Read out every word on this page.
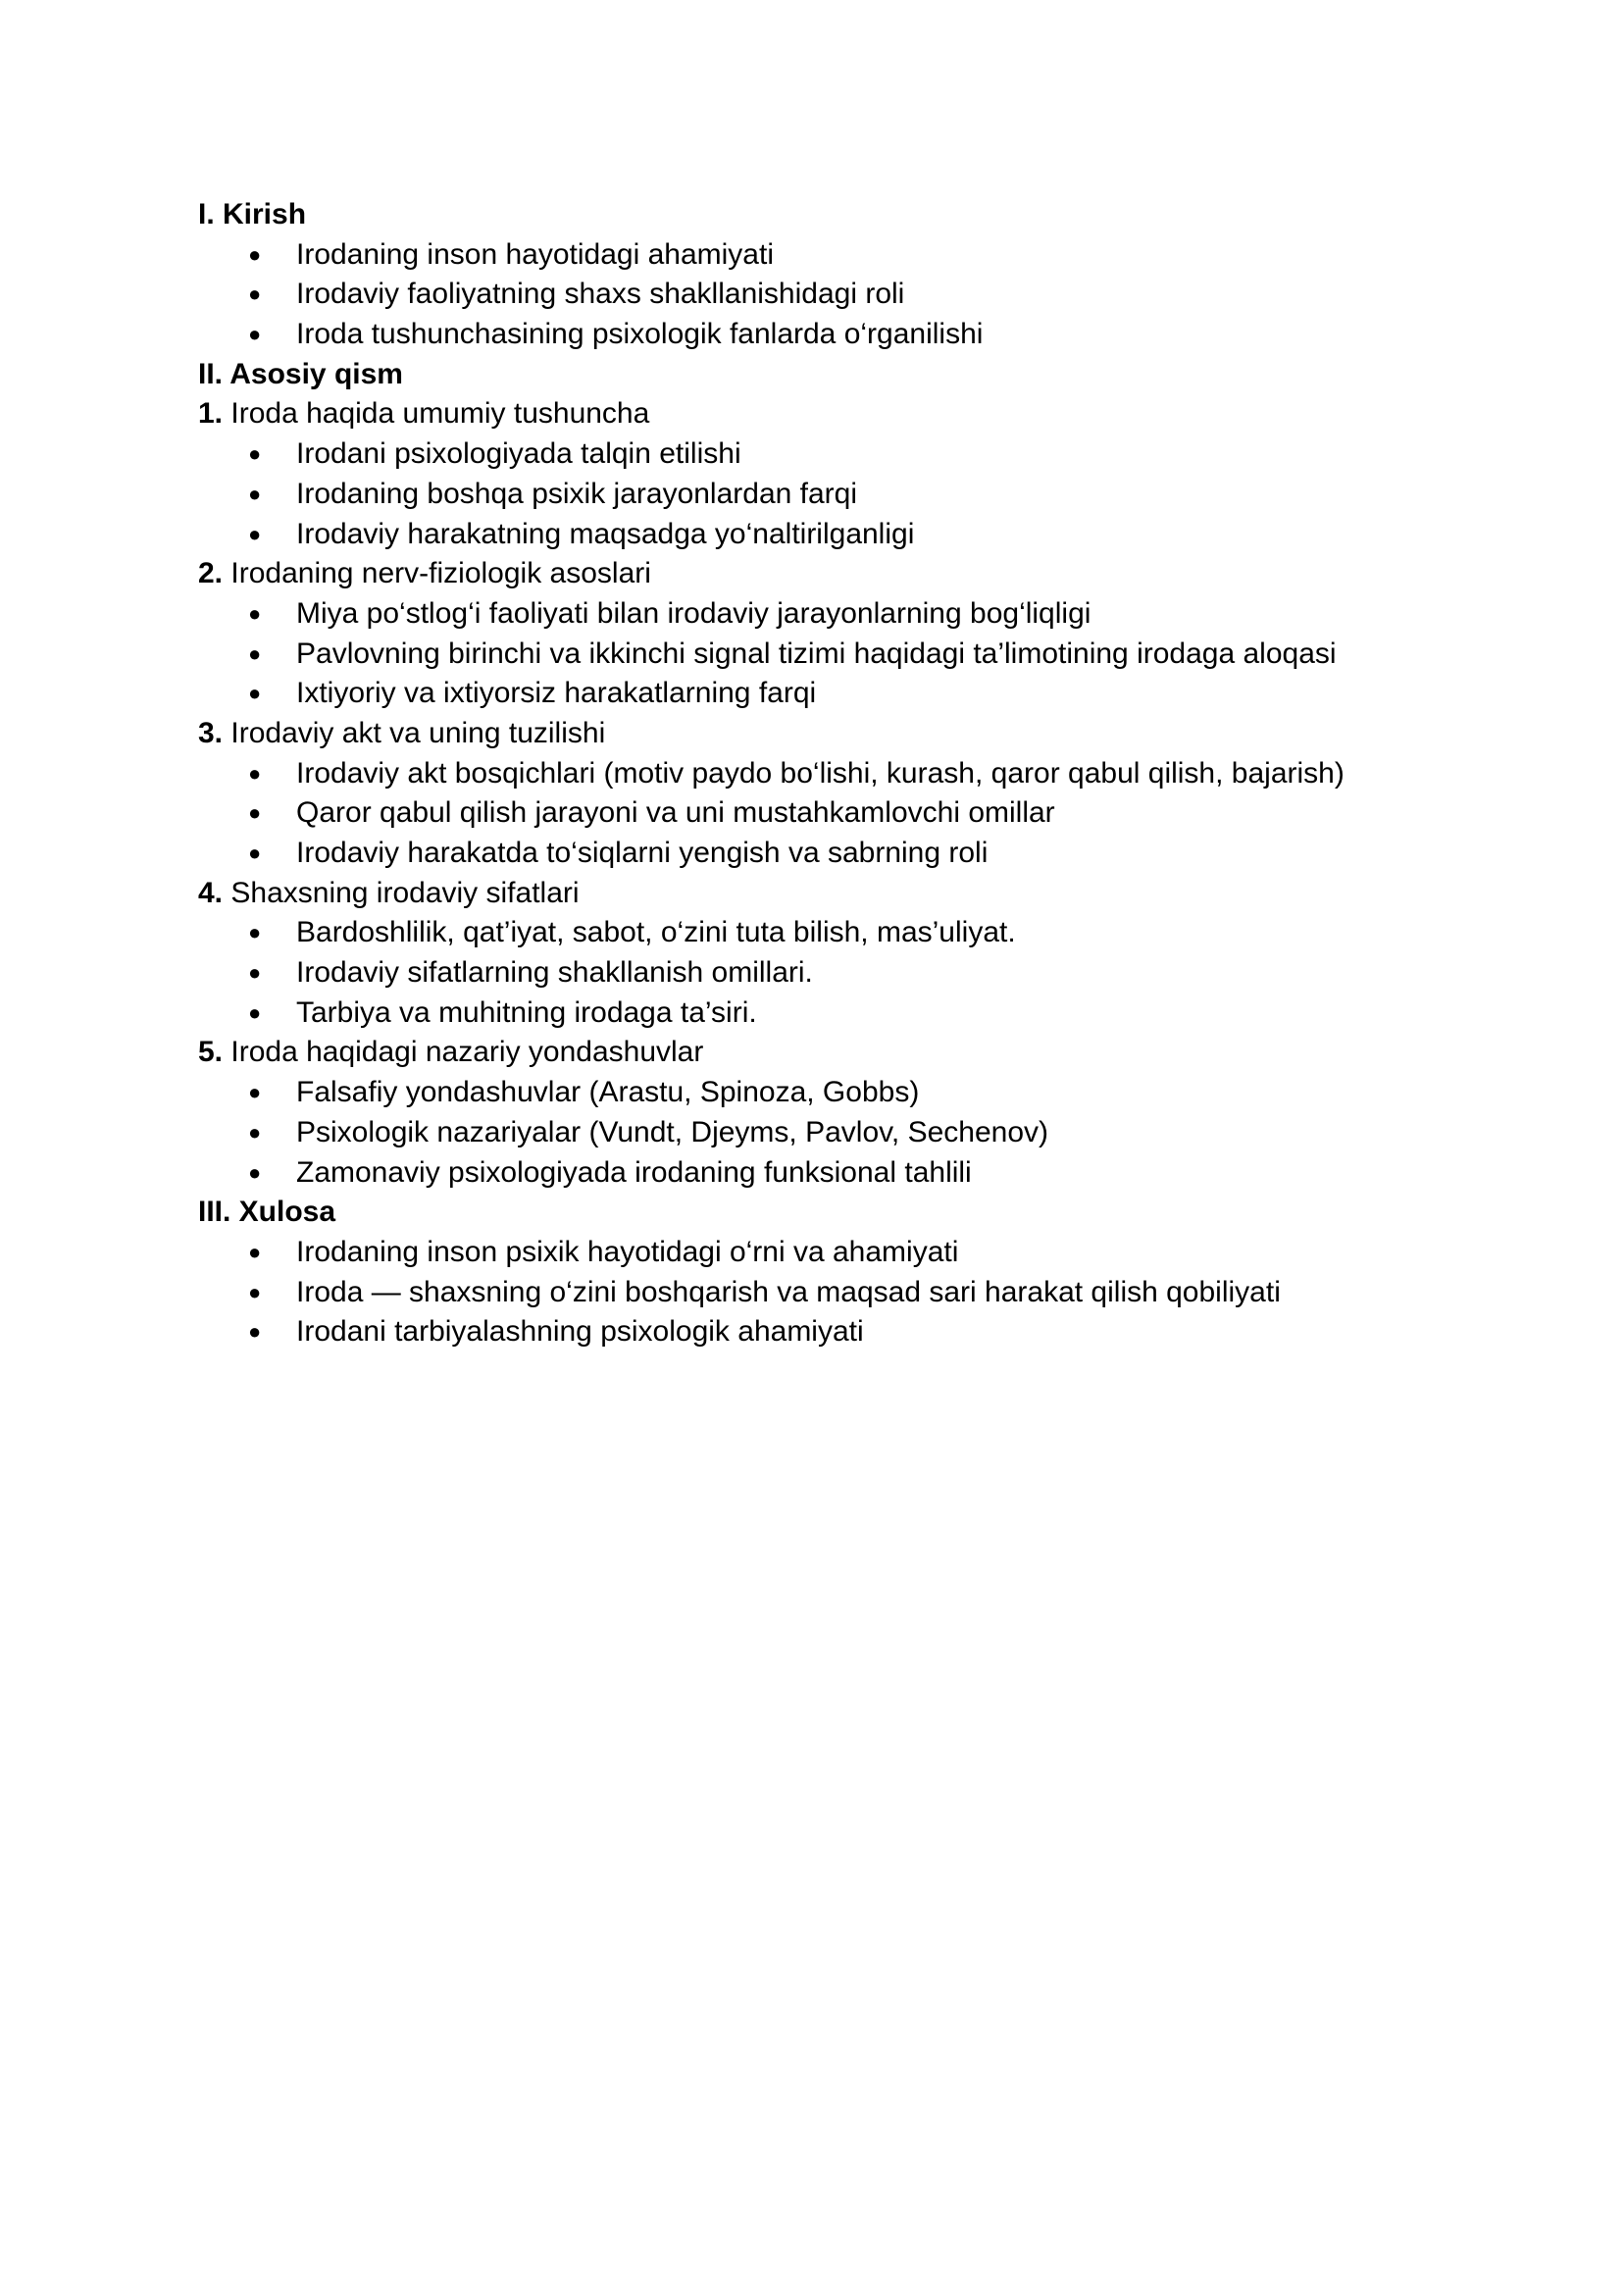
I. Kirish
● Irodaning inson hayotidagi ahamiyati
● Irodaviy faoliyatning shaxs shakllanishidagi roli
● Iroda tushunchasining psixologik fanlarda o‘rganilishi
II. Asosiy qism
1. Iroda haqida umumiy tushuncha
● Irodani psixologiyada talqin etilishi
● Irodaning boshqa psixik jarayonlardan farqi
● Irodaviy harakatning maqsadga yo‘naltirilganligi
2. Irodaning nerv-fiziologik asoslari
● Miya po‘stlog‘i faoliyati bilan irodaviy jarayonlarning bog‘liqligi
● Pavlovning birinchi va ikkinchi signal tizimi haqidagi ta’limotining irodaga aloqasi
● Ixtiyoriy va ixtiyorsiz harakatlarning farqi
3. Irodaviy akt va uning tuzilishi
● Irodaviy akt bosqichlari (motiv paydo bo‘lishi, kurash, qaror qabul qilish, bajarish)
● Qaror qabul qilish jarayoni va uni mustahkamlovchi omillar
● Irodaviy harakatda to‘siqlarni yengish va sabrning roli
4. Shaxsning irodaviy sifatlari
● Bardoshlilik, qat’iyat, sabot, o‘zini tuta bilish, mas’uliyat.
● Irodaviy sifatlarning shakllanish omillari.
● Tarbiya va muhitning irodaga ta’siri.
5. Iroda haqidagi nazariy yondashuvlar
● Falsafiy yondashuvlar (Arastu, Spinoza, Gobbs)
● Psixologik nazariyalar (Vundt, Djeyms, Pavlov, Sechenov)
● Zamonaviy psixologiyada irodaning funksional tahlili
III. Xulosa
● Irodaning inson psixik hayotidagi o‘rni va ahamiyati
● Iroda — shaxsning o‘zini boshqarish va maqsad sari harakat qilish qobiliyati
● Irodani tarbiyalashning psixologik ahamiyati
